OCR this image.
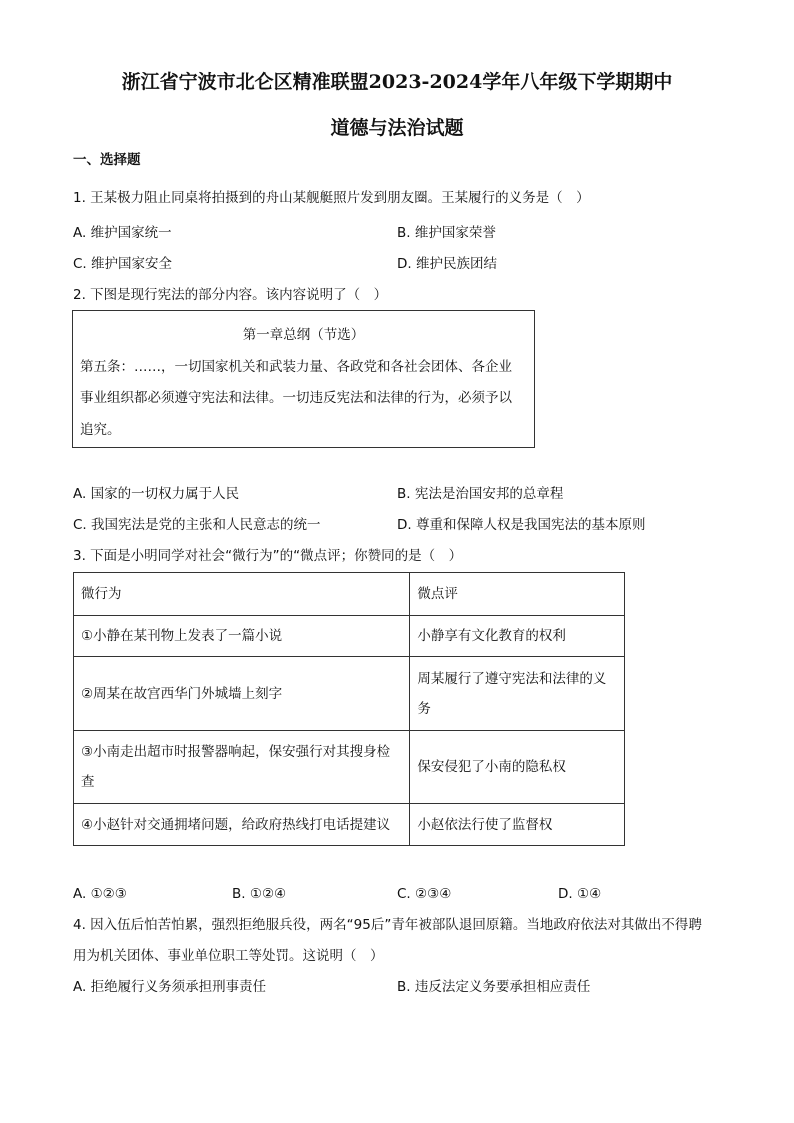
浙江省宁波市北仑区精准联盟2023-2024学年八年级下学期期中
道德与法治试题
一、选择题
1. 王某极力阻止同桌将拍摄到的舟山某舰艇照片发到朋友圈。王某履行的义务是（　）
A. 维护国家统一	B. 维护国家荣誉
C. 维护国家安全	D. 维护民族团结
2. 下图是现行宪法的部分内容。该内容说明了（　）
第一章总纲（节选）
第五条：……，一切国家机关和武装力量、各政党和各社会团体、各企业
事业组织都必须遵守宪法和法律。一切违反宪法和法律的行为，必须予以
追究。
A. 国家的一切权力属于人民	B. 宪法是治国安邦的总章程
C. 我国宪法是党的主张和人民意志的统一	D. 尊重和保障人权是我国宪法的基本原则
3. 下面是小明同学对社会“微行为”的“微点评；你赞同的是（　）
微行为	微点评
①小静在某刊物上发表了一篇小说	小静享有文化教育的权利
②周某在故宫西华门外城墙上刻字	周某履行了遵守宪法和法律的义务
③小南走出超市时报警器响起，保安强行对其搜身检查	保安侵犯了小南的隐私权
④小赵针对交通拥堵问题，给政府热线打电话提建议	小赵依法行使了监督权
A. ①②③	B. ①②④	C. ②③④	D. ①④
4. 因入伍后怕苦怕累，强烈拒绝服兵役，两名“95后”青年被部队退回原籍。当地政府依法对其做出不得聘
用为机关团体、事业单位职工等处罚。这说明（　）
A. 拒绝履行义务须承担刑事责任	B. 违反法定义务要承担相应责任
